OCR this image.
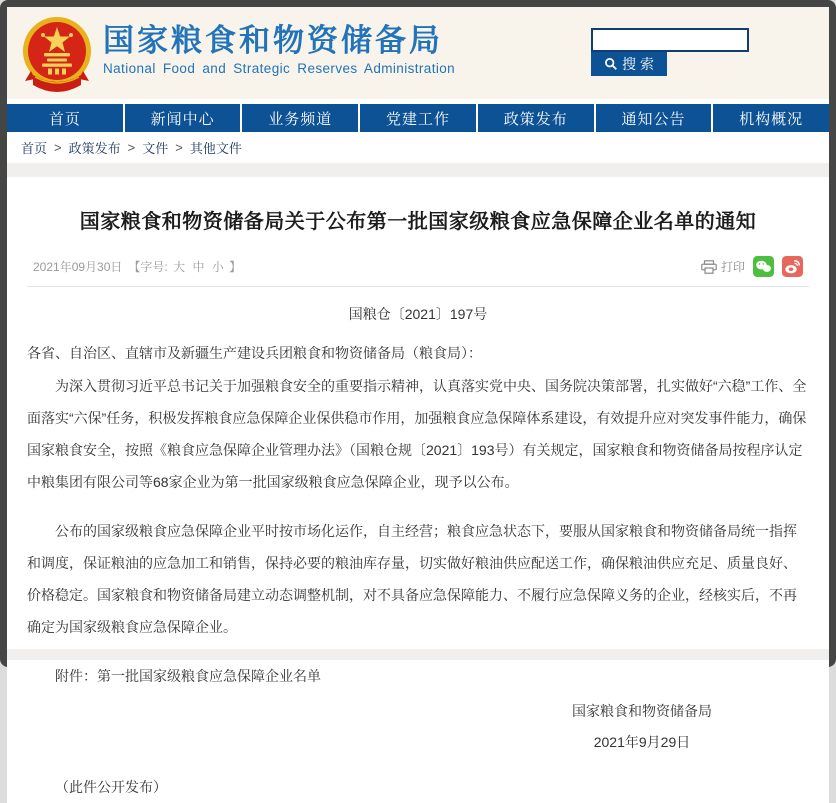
国家粮食和物资储备局
National Food and Strategic Reserves Administration	搜索
首页	新闻中心	业务频道	党建工作	政策发布	通知公告	机构概况
首页 > 政策发布 > 文件 > 其他文件
国家粮食和物资储备局关于公布第一批国家级粮食应急保障企业名单的通知
2021年09月30日 【字号: 大 中 小 】	打印
国粮仓〔2021〕197号
各省、自治区、直辖市及新疆生产建设兵团粮食和物资储备局（粮食局）：

为深入贯彻习近平总书记关于加强粮食安全的重要指示精神，认真落实党中央、国务院决策部署，扎实做好“六稳”工作、全面落实“六保”任务，积极发挥粮食应急保障企业保供稳市作用，加强粮食应急保障体系建设，有效提升应对突发事件能力，确保国家粮食安全，按照《粮食应急保障企业管理办法》（国粮仓规〔2021〕193号）有关规定，国家粮食和物资储备局按程序认定中粮集团有限公司等68家企业为第一批国家级粮食应急保障企业，现予以公布。

公布的国家级粮食应急保障企业平时按市场化运作，自主经营；粮食应急状态下，要服从国家粮食和物资储备局统一指挥和调度，保证粮油的应急加工和销售，保持必要的粮油库存量，切实做好粮油供应配送工作，确保粮油供应充足、质量良好、价格稳定。国家粮食和物资储备局建立动态调整机制，对不具备应急保障能力、不履行应急保障义务的企业，经核实后，不再确定为国家级粮食应急保障企业。

附件：第一批国家级粮食应急保障企业名单
国家粮食和物资储备局
2021年9月29日
（此件公开发布）
